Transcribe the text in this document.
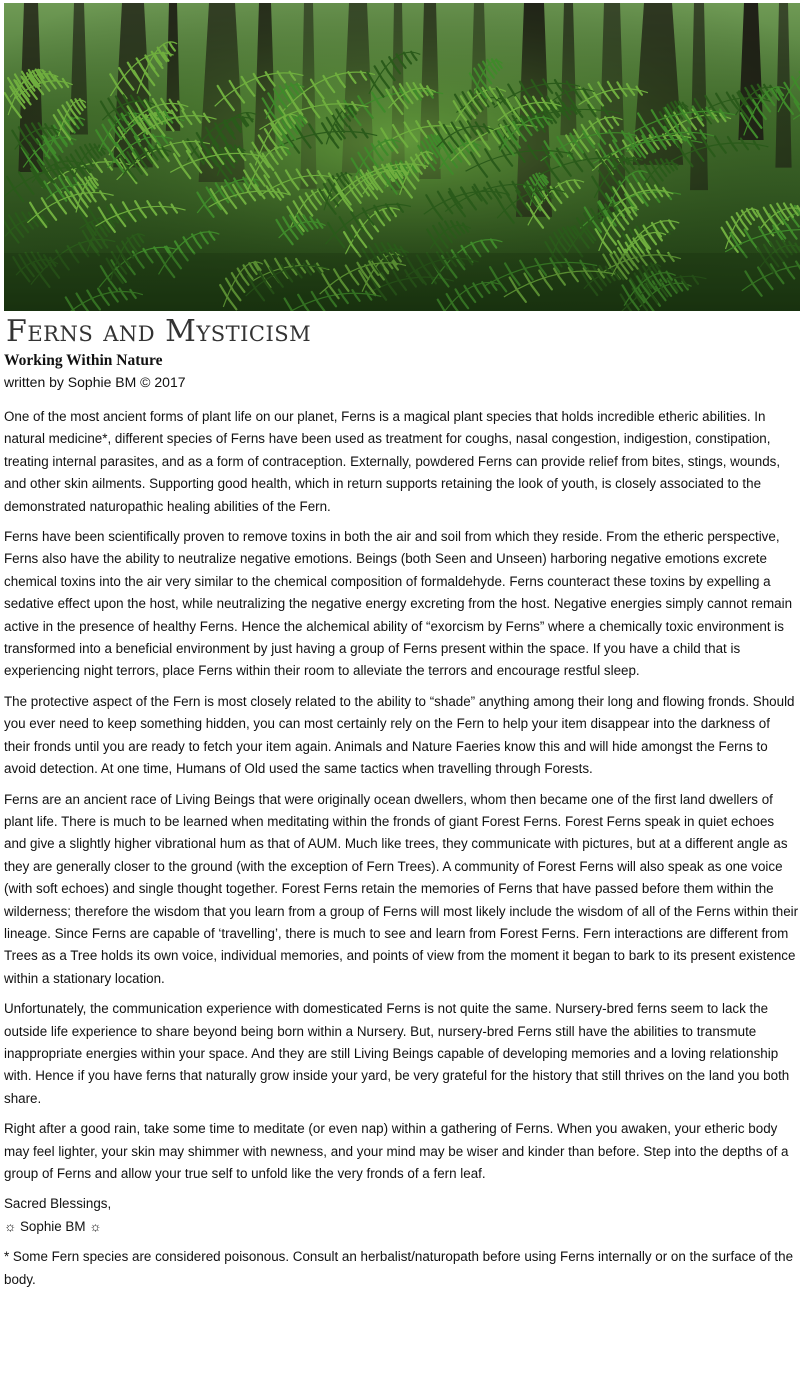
Ferns and Mysticism
Working Within Nature
written by Sophie BM © 2017

One of the most ancient forms of plant life on our planet, Ferns is a magical plant species that holds incredible etheric abilities. In natural medicine*, different species of Ferns have been used as treatment for coughs, nasal congestion, indigestion, constipation, treating internal parasites, and as a form of contraception. Externally, powdered Ferns can provide relief from bites, stings, wounds, and other skin ailments. Supporting good health, which in return supports retaining the look of youth, is closely associated to the demonstrated naturopathic healing abilities of the Fern.

Ferns have been scientifically proven to remove toxins in both the air and soil from which they reside. From the etheric perspective, Ferns also have the ability to neutralize negative emotions. Beings (both Seen and Unseen) harboring negative emotions excrete chemical toxins into the air very similar to the chemical composition of formaldehyde. Ferns counteract these toxins by expelling a sedative effect upon the host, while neutralizing the negative energy excreting from the host. Negative energies simply cannot remain active in the presence of healthy Ferns. Hence the alchemical ability of “exorcism by Ferns” where a chemically toxic environment is transformed into a beneficial environment by just having a group of Ferns present within the space. If you have a child that is experiencing night terrors, place Ferns within their room to alleviate the terrors and encourage restful sleep.

The protective aspect of the Fern is most closely related to the ability to “shade” anything among their long and flowing fronds. Should you ever need to keep something hidden, you can most certainly rely on the Fern to help your item disappear into the darkness of their fronds until you are ready to fetch your item again. Animals and Nature Faeries know this and will hide amongst the Ferns to avoid detection. At one time, Humans of Old used the same tactics when travelling through Forests.

Ferns are an ancient race of Living Beings that were originally ocean dwellers, whom then became one of the first land dwellers of plant life. There is much to be learned when meditating within the fronds of giant Forest Ferns. Forest Ferns speak in quiet echoes and give a slightly higher vibrational hum as that of AUM. Much like trees, they communicate with pictures, but at a different angle as they are generally closer to the ground (with the exception of Fern Trees). A community of Forest Ferns will also speak as one voice (with soft echoes) and single thought together. Forest Ferns retain the memories of Ferns that have passed before them within the wilderness; therefore the wisdom that you learn from a group of Ferns will most likely include the wisdom of all of the Ferns within their lineage. Since Ferns are capable of ‘travelling’, there is much to see and learn from Forest Ferns. Fern interactions are different from Trees as a Tree holds its own voice, individual memories, and points of view from the moment it began to bark to its present existence within a stationary location.

Unfortunately, the communication experience with domesticated Ferns is not quite the same. Nursery-bred ferns seem to lack the outside life experience to share beyond being born within a Nursery. But, nursery-bred Ferns still have the abilities to transmute inappropriate energies within your space. And they are still Living Beings capable of developing memories and a loving relationship with. Hence if you have ferns that naturally grow inside your yard, be very grateful for the history that still thrives on the land you both share.

Right after a good rain, take some time to meditate (or even nap) within a gathering of Ferns. When you awaken, your etheric body may feel lighter, your skin may shimmer with newness, and your mind may be wiser and kinder than before. Step into the depths of a group of Ferns and allow your true self to unfold like the very fronds of a fern leaf.

Sacred Blessings,
☼ Sophie BM ☼
* Some Fern species are considered poisonous. Consult an herbalist/naturopath before using Ferns internally or on the surface of the body.
